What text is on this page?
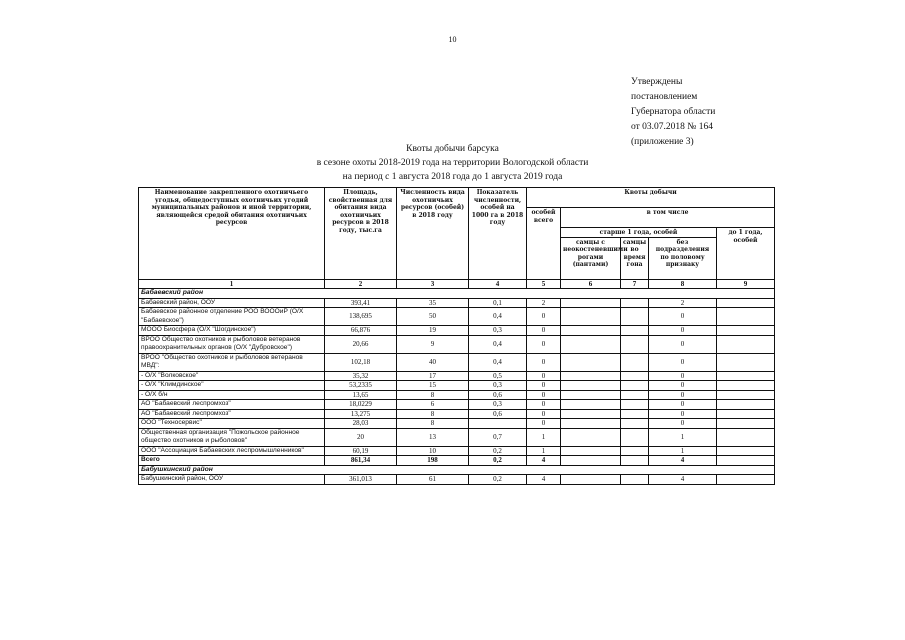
10
Утверждены
постановлением
Губернатора области
от 03.07.2018 № 164
(приложение 3)
Квоты добычи барсука
в сезоне охоты 2018-2019 года на территории Вологодской области
на период с 1 августа 2018 года до 1 августа 2019 года
Наименование закрепленного охотничьего угодья, общедоступных охотничьих угодий муниципальных районов и иной территории, являющейся средой обитания охотничьих ресурсов	Площадь, свойственная для обитания вида охотничьих ресурсов в 2018 году, тыс.га	Численность вида охотничьих ресурсов (особей) в 2018 году	Показатель численности, особей на 1000 га в 2018 году	Квоты добычи				
				особей всего	в том числе			
					старше 1 года, особей			до 1 года, особей
					самцы с неокостеневшими рогами (пантами)	самцы во время гона	без подразделения по половому признаку	
1	2	3	4	5	6	7	8	9
Бабаевский район								
Бабаевский район, ООУ	393,41	35	0,1	2			2	
Бабаевское районное отделение РОО ВОООиР (О/Х "Бабаевское")	138,695	50	0,4	0			0	
МООО Биосфера (О/Х "Шогдинское")	66,876	19	0,3	0			0	
ВРОО Общество охотников и рыболовов ветеранов правоохранительных органов (О/Х "Дубровское")	20,66	9	0,4	0			0	
ВРОО "Общество охотников и рыболовов ветеранов МВД":	102,18	40	0,4	0			0	
- О/Х "Волковское"	35,32	17	0,5	0			0	
- О/Х "Климдинское"	53,2335	15	0,3	0			0	
- О/Х б/н	13,65	8	0,6	0			0	
АО "Бабаевский леспромхоз"	18,0229	6	0,3	0			0	
АО "Бабаевский леспромхоз"	13,275	8	0,6	0			0	
ООО "Техносервис"	28,03	8		0			0	
Общественная организация "Пожольское районное общество охотников и рыболовов"	20	13	0,7	1			1	
ООО "Ассоциация Бабаевских леспромышленников"	60,19	10	0,2	1			1	
Всего	861,34	198	0,2	4			4	
Бабушкинский район								
Бабушкинский район, ООУ	361,013	61	0,2	4			4	
